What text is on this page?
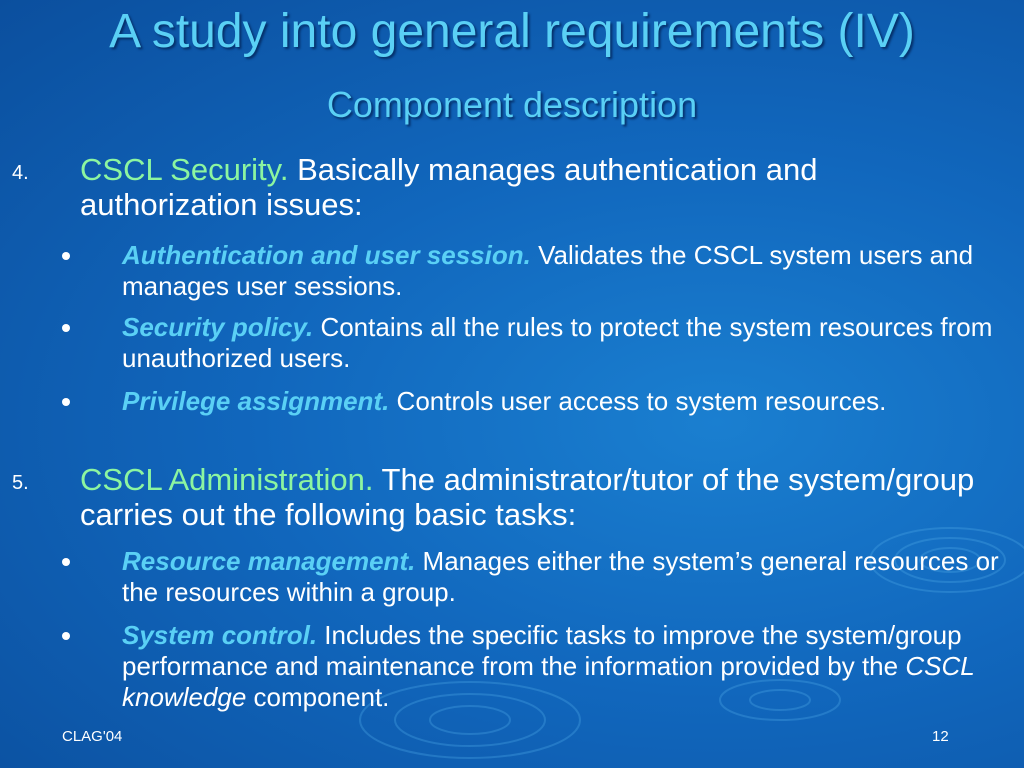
A study into general requirements (IV)
Component description
4. CSCL Security. Basically manages authentication and authorization issues:
Authentication and user session. Validates the CSCL system users and manages user sessions.
Security policy. Contains all the rules to protect the system resources from unauthorized users.
Privilege assignment. Controls user access to system resources.
5. CSCL Administration. The administrator/tutor of the system/group carries out the following basic tasks:
Resource management. Manages either the system’s general resources or the resources within a group.
System control. Includes the specific tasks to improve the system/group performance and maintenance from the information provided by the CSCL knowledge component.
CLAG'04	12
